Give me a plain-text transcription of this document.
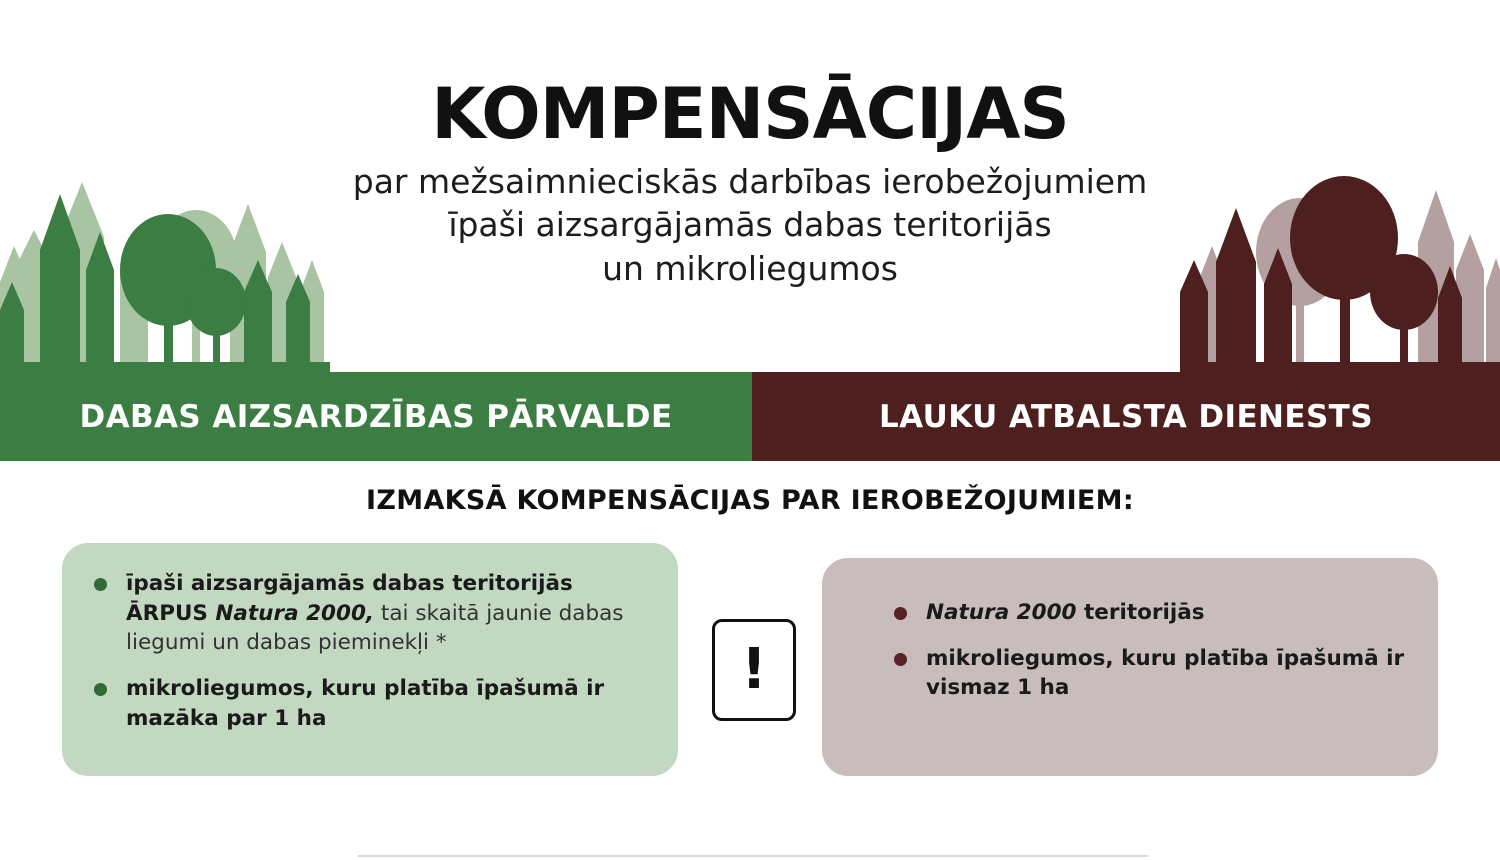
KOMPENSĀCIJAS

par mežsaimnieciskās darbības ierobežojumiem
īpaši aizsargājamās dabas teritorijās
un mikroliegumos

DABAS AIZSARDZĪBAS PĀRVALDE	LAUKU ATBALSTA DIENESTS
IZMAKSĀ KOMPENSĀCIJAS PAR IEROBEŽOJUMIEM:
īpaši aizsargājamās dabas teritorijās ĀRPUS Natura 2000, tai skaitā jaunie dabas liegumi un dabas pieminekļi *
mikroliegumos, kuru platība īpašumā ir mazāka par 1 ha
!
Natura 2000 teritorijās
mikroliegumos, kuru platība īpašumā ir vismaz 1 ha
